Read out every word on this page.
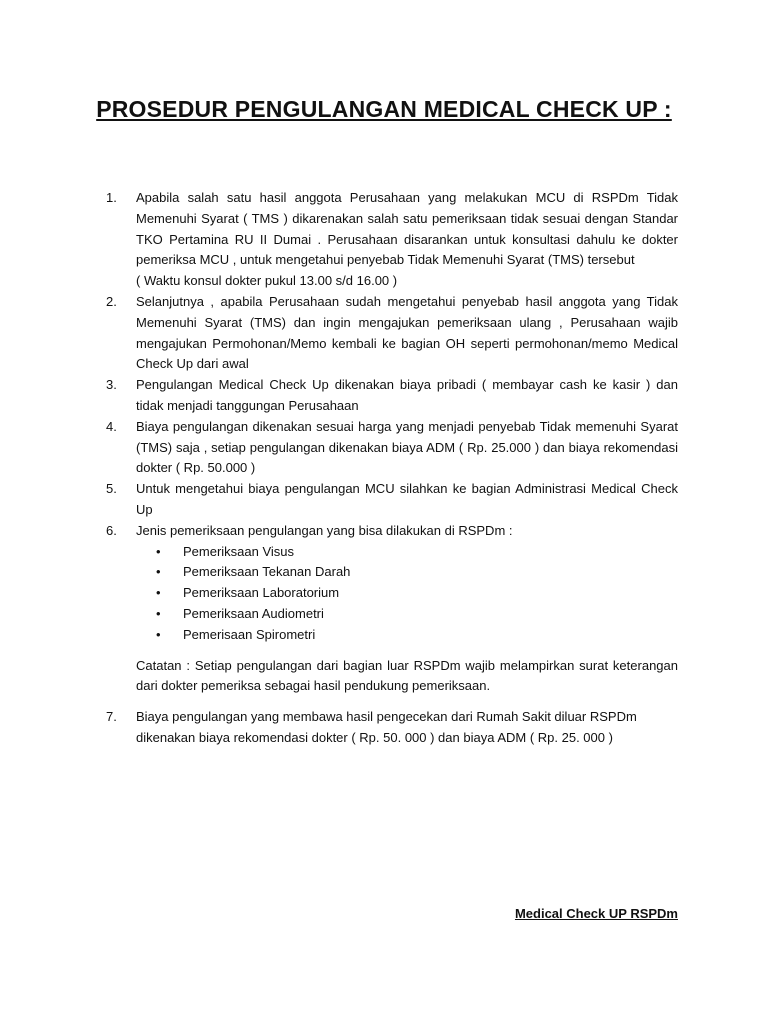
PROSEDUR PENGULANGAN MEDICAL CHECK UP :
1.	Apabila salah satu hasil anggota Perusahaan yang melakukan MCU di RSPDm Tidak Memenuhi Syarat ( TMS ) dikarenakan salah satu pemeriksaan tidak sesuai dengan Standar TKO Pertamina RU II Dumai . Perusahaan disarankan untuk konsultasi dahulu ke dokter pemeriksa MCU , untuk mengetahui penyebab Tidak Memenuhi Syarat (TMS) tersebut
( Waktu konsul dokter pukul 13.00 s/d 16.00 )
2.	Selanjutnya , apabila Perusahaan sudah mengetahui penyebab hasil anggota yang Tidak Memenuhi Syarat (TMS) dan ingin mengajukan pemeriksaan ulang , Perusahaan wajib mengajukan Permohonan/Memo kembali ke bagian OH seperti permohonan/memo Medical Check Up dari awal
3.	Pengulangan Medical Check Up dikenakan biaya pribadi ( membayar cash ke kasir ) dan tidak menjadi tanggungan Perusahaan
4.	Biaya pengulangan dikenakan sesuai harga yang menjadi penyebab Tidak memenuhi Syarat (TMS) saja , setiap pengulangan dikenakan biaya ADM ( Rp. 25.000 ) dan biaya rekomendasi dokter ( Rp. 50.000 )
5.	Untuk mengetahui biaya pengulangan MCU silahkan ke bagian Administrasi Medical Check Up
6.	Jenis pemeriksaan pengulangan yang bisa dilakukan di RSPDm :
•	Pemeriksaan Visus
•	Pemeriksaan Tekanan Darah
•	Pemeriksaan Laboratorium
•	Pemeriksaan Audiometri
•	Pemerisaan Spirometri
Catatan : Setiap pengulangan dari bagian luar RSPDm wajib melampirkan surat keterangan dari dokter pemeriksa sebagai hasil pendukung pemeriksaan.
7.	Biaya pengulangan yang membawa hasil pengecekan dari Rumah Sakit diluar RSPDm dikenakan biaya rekomendasi dokter ( Rp. 50. 000 ) dan biaya ADM ( Rp. 25. 000 )
Medical Check UP RSPDm
